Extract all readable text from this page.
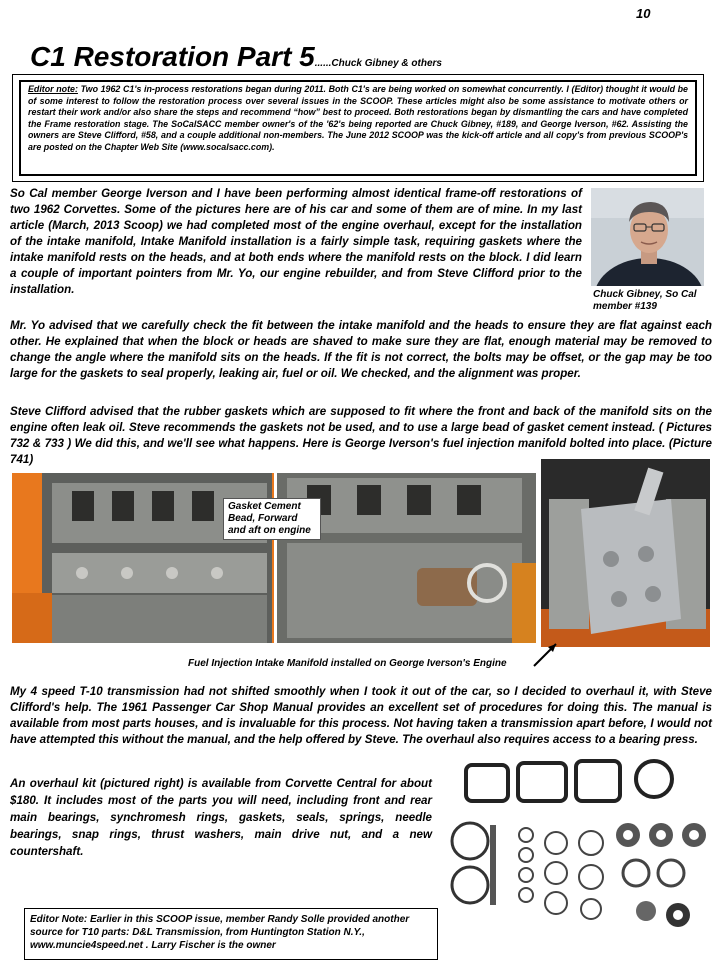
10
C1 Restoration Part 5......Chuck Gibney & others
Editor note: Two 1962 C1's in-process restorations began during 2011. Both C1's are being worked on somewhat concurrently. I (Editor) thought it would be of some interest to follow the restoration process over several issues in the SCOOP. These articles might also be some assistance to motivate others or restart their work and/or also share the steps and recommend “how” best to proceed. Both restorations began by dismantling the cars and have completed the Frame restoration stage. The SoCalSACC member owner's of the '62's being reported are Chuck Gibney, #189, and George Iverson, #62. Assisting the owners are Steve Clifford, #58, and a couple additional non-members. The June 2012 SCOOP was the kick-off article and all copy's from previous SCOOP's are posted on the Chapter Web Site (www.socalsacc.com).

So Cal member George Iverson and I have been performing almost identical frame-off restorations of two 1962 Corvettes. Some of the pictures here are of his car and some of them are of mine. In my last article (March, 2013 Scoop) we had completed most of the engine overhaul, except for the installation of the intake manifold, Intake Manifold installation is a fairly simple task, requiring gaskets where the intake manifold rests on the heads, and at both ends where the manifold rests on the block. I did learn a couple of important pointers from Mr. Yo, our engine rebuilder, and from Steve Clifford prior to the installation.	Chuck Gibney, So Cal member #139

Mr. Yo advised that we carefully check the fit between the intake manifold and the heads to ensure they are flat against each other. He explained that when the block or heads are shaved to make sure they are flat, enough material may be removed to change the angle where the manifold sits on the heads. If the fit is not correct, the bolts may be offset, or the gap may be too large for the gaskets to seal properly, leaking air, fuel or oil. We checked, and the alignment was proper.

Steve Clifford advised that the rubber gaskets which are supposed to fit where the front and back of the manifold sits on the engine often leak oil. Steve recommends the gaskets not be used, and to use a large bead of gasket cement instead. ( Pictures 732 & 733 ) We did this, and we'll see what happens. Here is George Iverson's fuel injection manifold bolted into place. (Picture 741)

Gasket Cement Bead, Forward and aft on engine
Fuel Injection Intake Manifold installed on George Iverson's Engine

My 4 speed T-10 transmission had not shifted smoothly when I took it out of the car, so I decided to overhaul it, with Steve Clifford's help. The 1961 Passenger Car Shop Manual provides an excellent set of procedures for doing this. The manual is available from most parts houses, and is invaluable for this process. Not having taken a transmission apart before, I would not have attempted this without the manual, and the help offered by Steve. The overhaul also requires access to a bearing press.

An overhaul kit (pictured right) is available from Corvette Central for about $180. It includes most of the parts you will need, including front and rear main bearings, synchromesh rings, gaskets, seals, springs, needle bearings, snap rings, thrust washers, main drive nut, and a new countershaft.

Editor Note: Earlier in this SCOOP issue, member Randy Solle provided another source for T10 parts: D&L Transmission, from Huntington Station N.Y., www.muncie4speed.net . Larry Fischer is the owner
